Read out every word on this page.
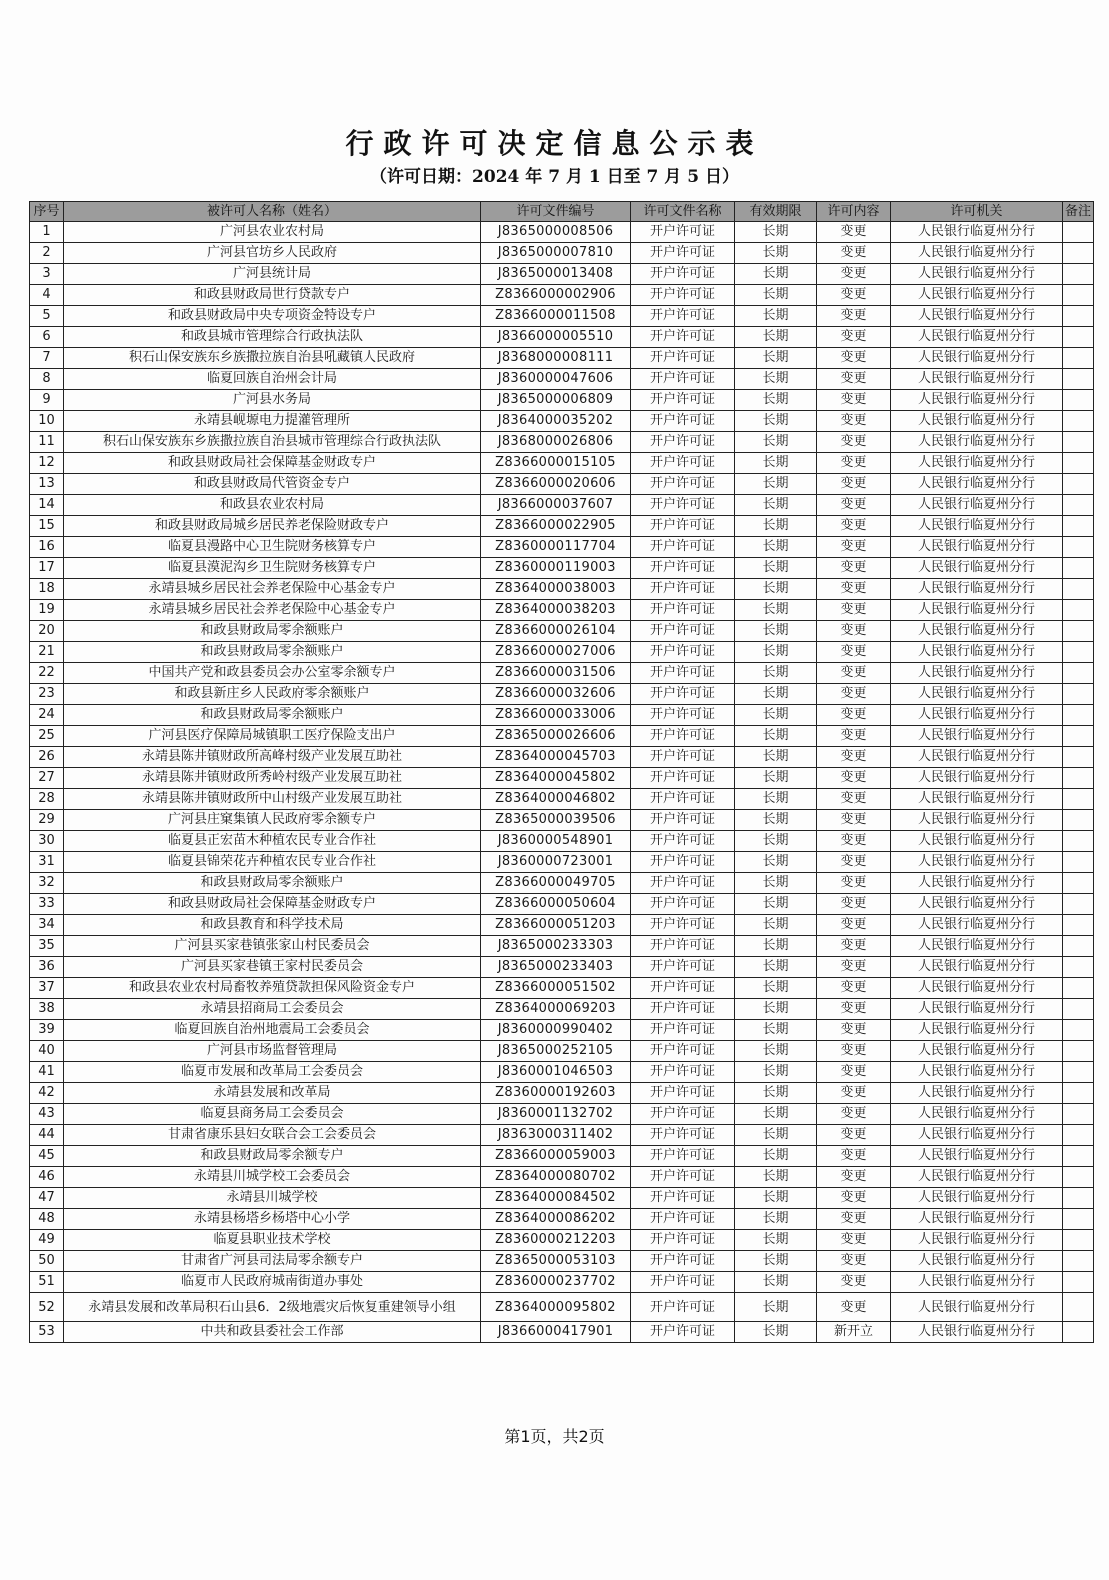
行政许可决定信息公示表
（许可日期：2024 年 7 月 1 日至 7 月 5 日）
序号	被许可人名称（姓名）	许可文件编号	许可文件名称	有效期限	许可内容	许可机关	备注
1	广河县农业农村局	J8365000008506	开户许可证	长期	变更	人民银行临夏州分行	
2	广河县官坊乡人民政府	J8365000007810	开户许可证	长期	变更	人民银行临夏州分行	
3	广河县统计局	J8365000013408	开户许可证	长期	变更	人民银行临夏州分行	
4	和政县财政局世行贷款专户	Z8366000002906	开户许可证	长期	变更	人民银行临夏州分行	
5	和政县财政局中央专项资金特设专户	Z8366000011508	开户许可证	长期	变更	人民银行临夏州分行	
6	和政县城市管理综合行政执法队	J8366000005510	开户许可证	长期	变更	人民银行临夏州分行	
7	积石山保安族东乡族撒拉族自治县吼藏镇人民政府	J8368000008111	开户许可证	长期	变更	人民银行临夏州分行	
8	临夏回族自治州会计局	J8360000047606	开户许可证	长期	变更	人民银行临夏州分行	
9	广河县水务局	J8365000006809	开户许可证	长期	变更	人民银行临夏州分行	
10	永靖县岘塬电力提灌管理所	J8364000035202	开户许可证	长期	变更	人民银行临夏州分行	
11	积石山保安族东乡族撒拉族自治县城市管理综合行政执法队	J8368000026806	开户许可证	长期	变更	人民银行临夏州分行	
12	和政县财政局社会保障基金财政专户	Z8366000015105	开户许可证	长期	变更	人民银行临夏州分行	
13	和政县财政局代管资金专户	Z8366000020606	开户许可证	长期	变更	人民银行临夏州分行	
14	和政县农业农村局	J8366000037607	开户许可证	长期	变更	人民银行临夏州分行	
15	和政县财政局城乡居民养老保险财政专户	Z8366000022905	开户许可证	长期	变更	人民银行临夏州分行	
16	临夏县漫路中心卫生院财务核算专户	Z8360000117704	开户许可证	长期	变更	人民银行临夏州分行	
17	临夏县漠泥沟乡卫生院财务核算专户	Z8360000119003	开户许可证	长期	变更	人民银行临夏州分行	
18	永靖县城乡居民社会养老保险中心基金专户	Z8364000038003	开户许可证	长期	变更	人民银行临夏州分行	
19	永靖县城乡居民社会养老保险中心基金专户	Z8364000038203	开户许可证	长期	变更	人民银行临夏州分行	
20	和政县财政局零余额账户	Z8366000026104	开户许可证	长期	变更	人民银行临夏州分行	
21	和政县财政局零余额账户	Z8366000027006	开户许可证	长期	变更	人民银行临夏州分行	
22	中国共产党和政县委员会办公室零余额专户	Z8366000031506	开户许可证	长期	变更	人民银行临夏州分行	
23	和政县新庄乡人民政府零余额账户	Z8366000032606	开户许可证	长期	变更	人民银行临夏州分行	
24	和政县财政局零余额账户	Z8366000033006	开户许可证	长期	变更	人民银行临夏州分行	
25	广河县医疗保障局城镇职工医疗保险支出户	Z8365000026606	开户许可证	长期	变更	人民银行临夏州分行	
26	永靖县陈井镇财政所高峰村级产业发展互助社	Z8364000045703	开户许可证	长期	变更	人民银行临夏州分行	
27	永靖县陈井镇财政所秀岭村级产业发展互助社	Z8364000045802	开户许可证	长期	变更	人民银行临夏州分行	
28	永靖县陈井镇财政所中山村级产业发展互助社	Z8364000046802	开户许可证	长期	变更	人民银行临夏州分行	
29	广河县庄窠集镇人民政府零余额专户	Z8365000039506	开户许可证	长期	变更	人民银行临夏州分行	
30	临夏县正宏苗木种植农民专业合作社	J8360000548901	开户许可证	长期	变更	人民银行临夏州分行	
31	临夏县锦荣花卉种植农民专业合作社	J8360000723001	开户许可证	长期	变更	人民银行临夏州分行	
32	和政县财政局零余额账户	Z8366000049705	开户许可证	长期	变更	人民银行临夏州分行	
33	和政县财政局社会保障基金财政专户	Z8366000050604	开户许可证	长期	变更	人民银行临夏州分行	
34	和政县教育和科学技术局	Z8366000051203	开户许可证	长期	变更	人民银行临夏州分行	
35	广河县买家巷镇张家山村民委员会	J8365000233303	开户许可证	长期	变更	人民银行临夏州分行	
36	广河县买家巷镇王家村民委员会	J8365000233403	开户许可证	长期	变更	人民银行临夏州分行	
37	和政县农业农村局畜牧养殖贷款担保风险资金专户	Z8366000051502	开户许可证	长期	变更	人民银行临夏州分行	
38	永靖县招商局工会委员会	Z8364000069203	开户许可证	长期	变更	人民银行临夏州分行	
39	临夏回族自治州地震局工会委员会	J8360000990402	开户许可证	长期	变更	人民银行临夏州分行	
40	广河县市场监督管理局	J8365000252105	开户许可证	长期	变更	人民银行临夏州分行	
41	临夏市发展和改革局工会委员会	J8360001046503	开户许可证	长期	变更	人民银行临夏州分行	
42	永靖县发展和改革局	Z8360000192603	开户许可证	长期	变更	人民银行临夏州分行	
43	临夏县商务局工会委员会	J8360001132702	开户许可证	长期	变更	人民银行临夏州分行	
44	甘肃省康乐县妇女联合会工会委员会	J8363000311402	开户许可证	长期	变更	人民银行临夏州分行	
45	和政县财政局零余额专户	Z8366000059003	开户许可证	长期	变更	人民银行临夏州分行	
46	永靖县川城学校工会委员会	Z8364000080702	开户许可证	长期	变更	人民银行临夏州分行	
47	永靖县川城学校	Z8364000084502	开户许可证	长期	变更	人民银行临夏州分行	
48	永靖县杨塔乡杨塔中心小学	Z8364000086202	开户许可证	长期	变更	人民银行临夏州分行	
49	临夏县职业技术学校	Z8360000212203	开户许可证	长期	变更	人民银行临夏州分行	
50	甘肃省广河县司法局零余额专户	Z8365000053103	开户许可证	长期	变更	人民银行临夏州分行	
51	临夏市人民政府城南街道办事处	Z8360000237702	开户许可证	长期	变更	人民银行临夏州分行	
52	永靖县发展和改革局积石山县6．2级地震灾后恢复重建领导小组	Z8364000095802	开户许可证	长期	变更	人民银行临夏州分行	
53	中共和政县委社会工作部	J8366000417901	开户许可证	长期	新开立	人民银行临夏州分行	
第1页，共2页
